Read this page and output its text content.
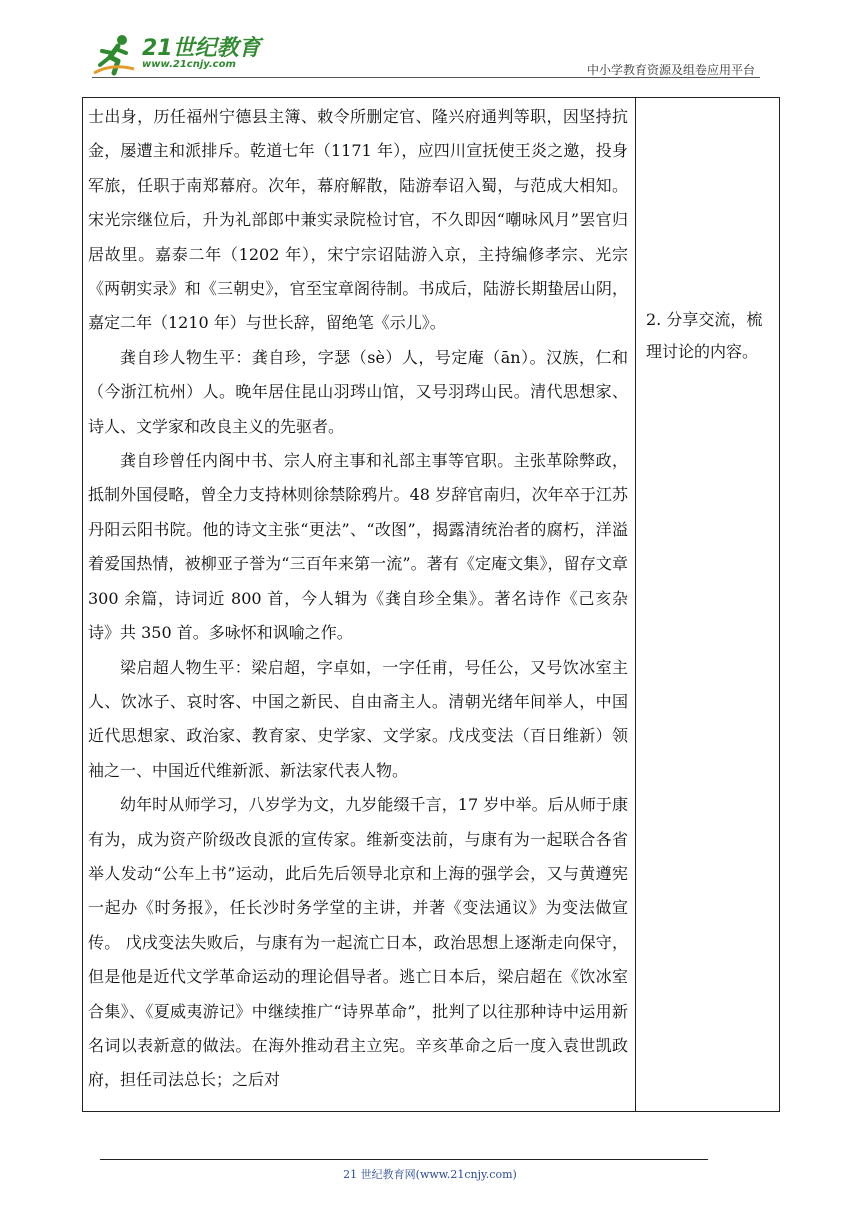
21世纪教育
www.21cnjy.com	中小学教育资源及组卷应用平台

士出身，历任福州宁德县主簿、敕令所删定官、隆兴府通判等职，因坚持抗金，屡遭主和派排斥。乾道七年（1171 年），应四川宣抚使王炎之邀，投身军旅，任职于南郑幕府。次年，幕府解散，陆游奉诏入蜀，与范成大相知。宋光宗继位后，升为礼部郎中兼实录院检讨官，不久即因“嘲咏风月”罢官归居故里。嘉泰二年（1202 年），宋宁宗诏陆游入京，主持编修孝宗、光宗《两朝实录》和《三朝史》，官至宝章阁待制。书成后，陆游长期蛰居山阴，嘉定二年（1210 年）与世长辞，留绝笔《示儿》。

龚自珍人物生平：龚自珍，字瑟（sè）人，号定庵（ān）。汉族，仁和（今浙江杭州）人。晚年居住昆山羽琌山馆，又号羽琌山民。清代思想家、诗人、文学家和改良主义的先驱者。

龚自珍曾任内阁中书、宗人府主事和礼部主事等官职。主张革除弊政，抵制外国侵略，曾全力支持林则徐禁除鸦片。48 岁辞官南归，次年卒于江苏丹阳云阳书院。他的诗文主张“更法”、“改图”，揭露清统治者的腐朽，洋溢着爱国热情，被柳亚子誉为“三百年来第一流”。著有《定庵文集》，留存文章 300 余篇，诗词近 800 首，今人辑为《龚自珍全集》。著名诗作《己亥杂诗》共 350 首。多咏怀和讽喻之作。

梁启超人物生平：梁启超，字卓如，一字任甫，号任公，又号饮冰室主人、饮冰子、哀时客、中国之新民、自由斋主人。清朝光绪年间举人，中国近代思想家、政治家、教育家、史学家、文学家。戊戌变法（百日维新）领袖之一、中国近代维新派、新法家代表人物。

幼年时从师学习，八岁学为文，九岁能缀千言，17 岁中举。后从师于康有为，成为资产阶级改良派的宣传家。维新变法前，与康有为一起联合各省举人发动“公车上书”运动，此后先后领导北京和上海的强学会，又与黄遵宪一起办《时务报》，任长沙时务学堂的主讲，并著《变法通议》为变法做宣传。 戊戌变法失败后，与康有为一起流亡日本，政治思想上逐渐走向保守，但是他是近代文学革命运动的理论倡导者。逃亡日本后，梁启超在《饮冰室合集》、《夏威夷游记》中继续推广“诗界革命”，批判了以往那种诗中运用新名词以表新意的做法。在海外推动君主立宪。辛亥革命之后一度入袁世凯政府，担任司法总长；之后对

2. 分享交流，梳理讨论的内容。

21 世纪教育网(www.21cnjy.com)
